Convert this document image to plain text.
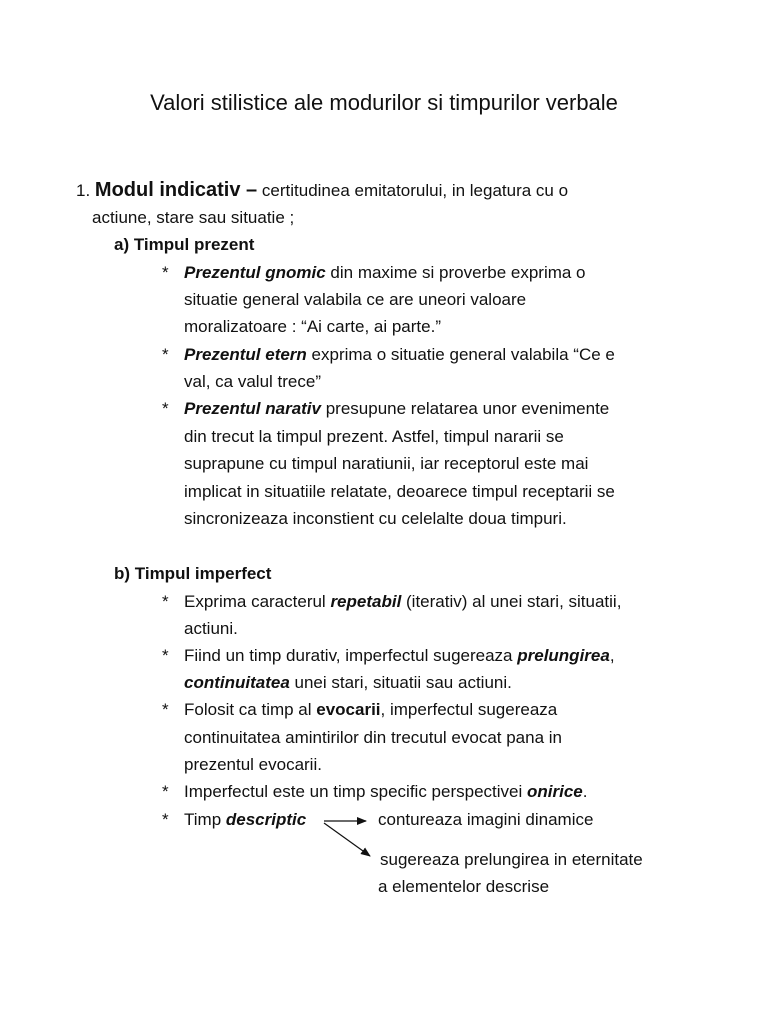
Valori stilistice ale modurilor si timpurilor verbale
1. Modul indicativ – certitudinea emitatorului, in legatura cu o
actiune, stare sau situatie ;
a) Timpul prezent
* Prezentul gnomic din maxime si proverbe exprima o
situatie general valabila ce are uneori valoare
moralizatoare : “Ai carte, ai parte.”
* Prezentul etern exprima o situatie general valabila “Ce e
val, ca valul trece”
* Prezentul narativ presupune relatarea unor evenimente
din trecut la timpul prezent. Astfel, timpul nararii se
suprapune cu timpul naratiunii, iar receptorul este mai
implicat in situatiile relatate, deoarece timpul receptarii se
sincronizeaza inconstient cu celelalte doua timpuri.
b) Timpul imperfect
* Exprima caracterul repetabil (iterativ) al unei stari, situatii,
actiuni.
* Fiind un timp durativ, imperfectul sugereaza prelungirea,
continuitatea unei stari, situatii sau actiuni.
* Folosit ca timp al evocarii, imperfectul sugereaza
continuitatea amintirilor din trecutul evocat pana in
prezentul evocarii.
* Imperfectul este un timp specific perspectivei onirice.
* Timp descriptic	contureaza imagini dinamice
sugereaza prelungirea in eternitate
a elementelor descrise
